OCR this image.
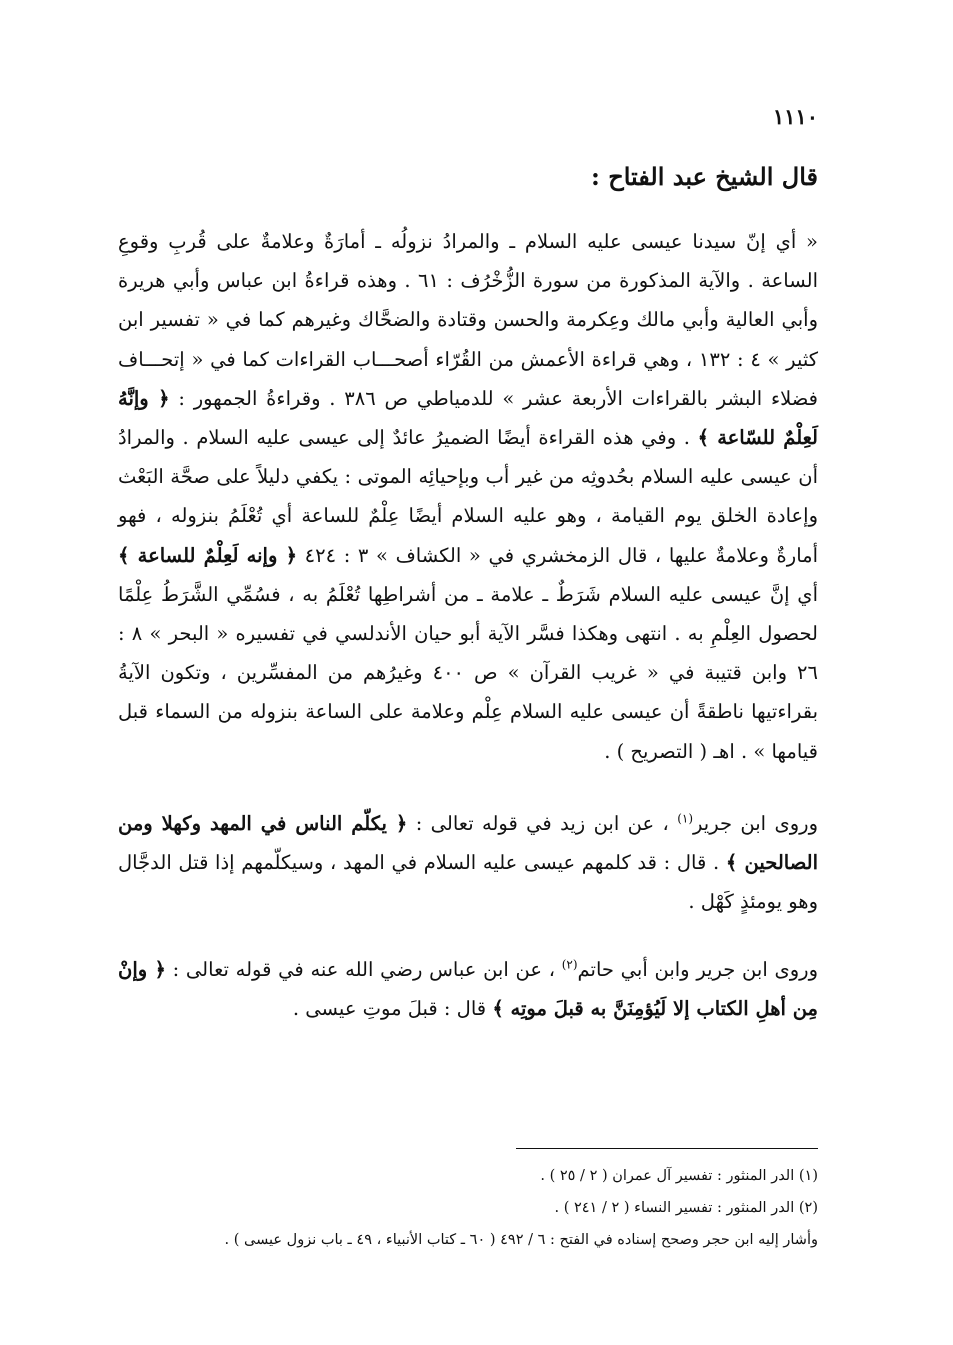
١١١٠
قال الشيخ عبد الفتاح :

« أي إنّ سيدنا عيسى عليه السلام ـ والمرادُ نزولُه ـ أمارَةٌ وعلامةٌ على قُربِ وقوعِ الساعة . والآية المذكورة من سورة الزُّخْرُف : ٦١ . وهذه قراءةُ ابن عباس وأبي هريرة وأبي العالية وأبي مالك وعِكرمة والحسن وقتادة والضحَّاك وغيرهم كما في « تفسير ابن كثير » ٤ : ١٣٢ ، وهي قراءة الأعمش من القُرّاء أصحـــاب القراءات كما في « إتحـــاف فضلاء البشر بالقراءات الأربعة عشر » للدمياطي ص ٣٨٦ . وقراءةُ الجمهور : ﴿ وإنَّهُ لَعِلْمٌ للسّاعة ﴾ . وفي هذه القراءة أيضًا الضميرُ عائدٌ إلى عيسى عليه السلام . والمرادُ أن عيسى عليه السلام بحُدوثِه من غير أب وبإحيائِه الموتى : يكفي دليلاً على صحَّة البَعْث وإعادة الخلق يوم القيامة ، وهو عليه السلام أيضًا عِلْمٌ للساعة أي تُعْلَمُ بنزوله ، فهو أمارةٌ وعلامةٌ عليها ، قال الزمخشري في « الكشاف » ٣ : ٤٢٤ ﴿ وإنه لَعِلْمٌ للساعة ﴾ أي إنَّ عيسى عليه السلام شَرَطٌ ـ علامة ـ من أشراطِها تُعْلَمُ به ، فسُمِّي الشَّرَطُ عِلْمًا لحصول العِلْمِ به . انتهى وهكذا فسَّر الآية أبو حيان الأندلسي في تفسيره « البحر » ٨ : ٢٦ وابن قتيبة في « غريب القرآن » ص ٤٠٠ وغيرُهم من المفسِّرين ، وتكون الآيةُ بقراءتيها ناطقةً أن عيسى عليه السلام عِلْم وعلامة على الساعة بنزوله من السماء قبل قيامها » . اهـ ( التصريح ) .

وروى ابن جرير$^{(١)}$ ، عن ابن زيد في قوله تعالى : ﴿ يكلّم الناس في المهد وكهلا ومن الصالحين ﴾ . قال : قد كلمهم عيسى عليه السلام في المهد ، وسيكلّمهم إذا قتل الدجَّال وهو يومئذٍ كَهْل .

وروى ابن جرير وابن أبي حاتم$^{(٢)}$ ، عن ابن عباس رضي الله عنه في قوله تعالى : ﴿ وإنْ مِن أهلِ الكتاب إلا لَيُؤمِنَنَّ به قبلَ موتِه ﴾ قال : قبلَ موتِ عيسى .

(١) الدر المنثور : تفسير آل عمران ( ٢ / ٢٥ ) .
(٢) الدر المنثور : تفسير النساء ( ٢ / ٢٤١ ) .
وأشار إليه ابن حجر وصحح إسناده في الفتح : ٦ / ٤٩٢ ( ٦٠ ـ كتاب الأنبياء ، ٤٩ ـ باب نزول عيسى ) .
